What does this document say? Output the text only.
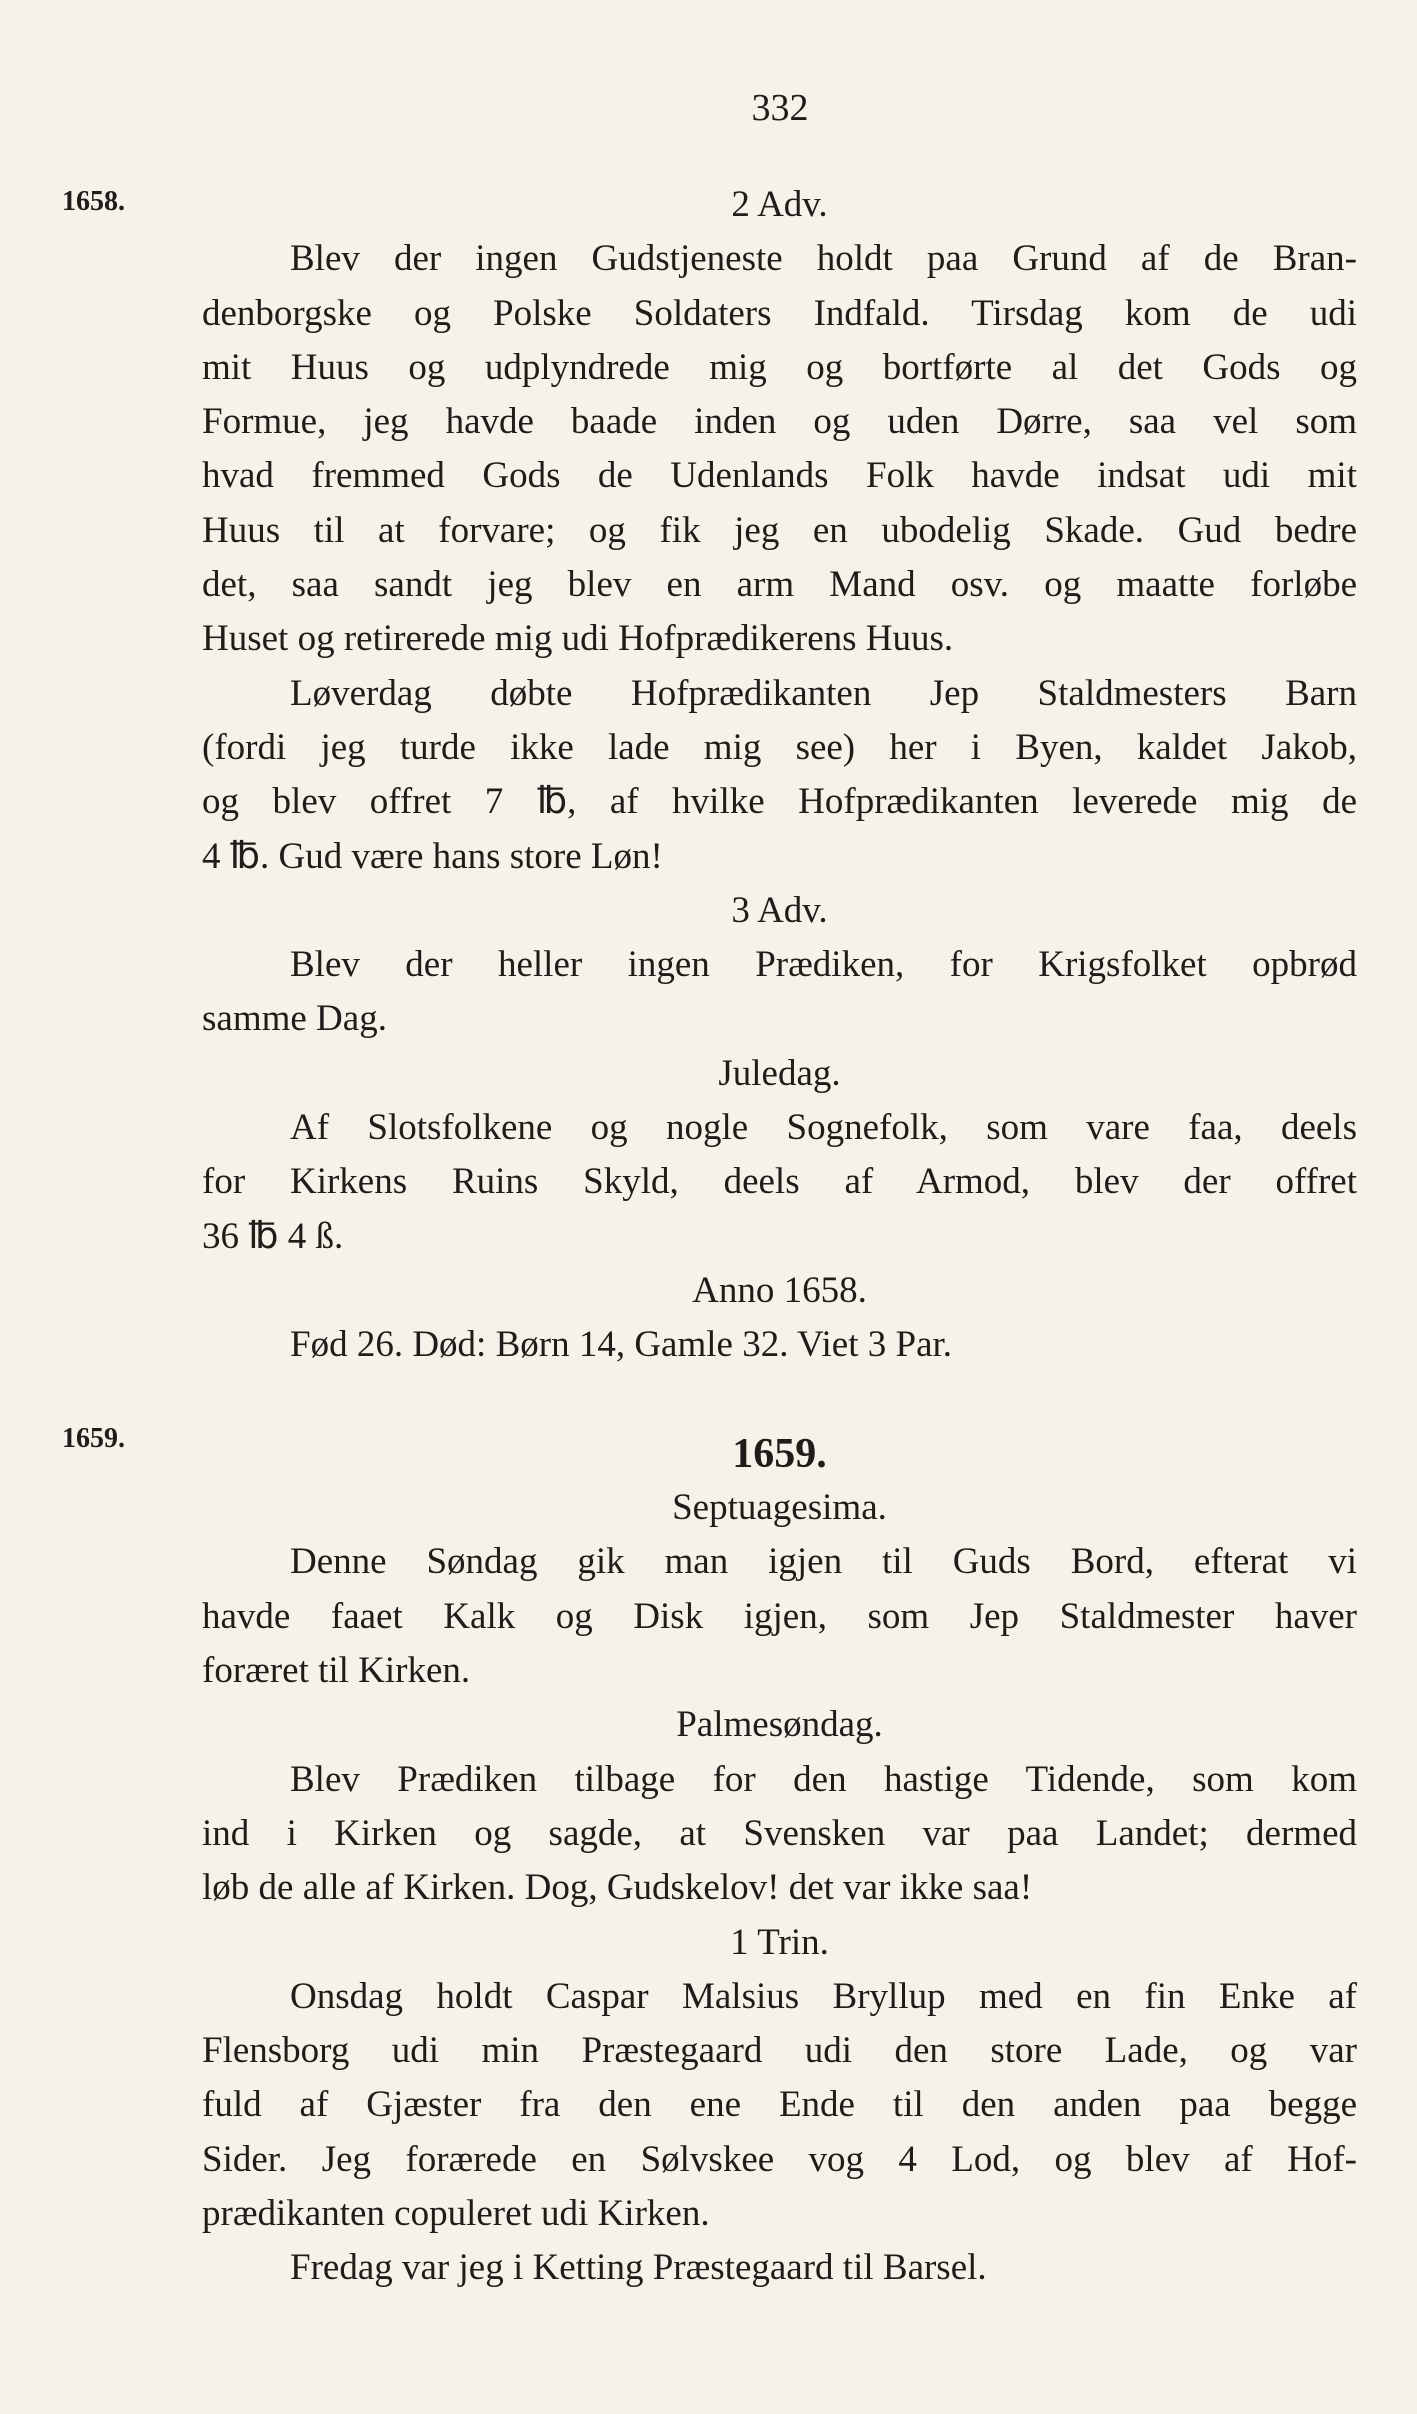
332
1658.
1659.
2 Adv.
Blev der ingen Gudstjeneste holdt paa Grund af de Bran-
denborgske og Polske Soldaters Indfald. Tirsdag kom de udi
mit Huus og udplyndrede mig og bortførte al det Gods og
Formue, jeg havde baade inden og uden Dørre, saa vel som
hvad fremmed Gods de Udenlands Folk havde indsat udi mit
Huus til at forvare; og fik jeg en ubodelig Skade. Gud bedre
det, saa sandt jeg blev en arm Mand osv. og maatte forløbe
Huset og retirerede mig udi Hofprædikerens Huus.
Løverdag døbte Hofprædikanten Jep Staldmesters Barn
(fordi jeg turde ikke lade mig see) her i Byen, kaldet Jakob,
og blev offret 7 ℔, af hvilke Hofprædikanten leverede mig de
4 ℔. Gud være hans store Løn!
3 Adv.
Blev der heller ingen Prædiken, for Krigsfolket opbrød
samme Dag.
Juledag.
Af Slotsfolkene og nogle Sognefolk, som vare faa, deels
for Kirkens Ruins Skyld, deels af Armod, blev der offret
36 ℔ 4 ß.
Anno 1658.
Fød 26. Død: Børn 14, Gamle 32. Viet 3 Par.

1659.
Septuagesima.
Denne Søndag gik man igjen til Guds Bord, efterat vi
havde faaet Kalk og Disk igjen, som Jep Staldmester haver
foræret til Kirken.
Palmesøndag.
Blev Prædiken tilbage for den hastige Tidende, som kom
ind i Kirken og sagde, at Svensken var paa Landet; dermed
løb de alle af Kirken. Dog, Gudskelov! det var ikke saa!
1 Trin.
Onsdag holdt Caspar Malsius Bryllup med en fin Enke af
Flensborg udi min Præstegaard udi den store Lade, og var
fuld af Gjæster fra den ene Ende til den anden paa begge
Sider. Jeg forærede en Sølvskee vog 4 Lod, og blev af Hof-
prædikanten copuleret udi Kirken.
Fredag var jeg i Ketting Præstegaard til Barsel.
